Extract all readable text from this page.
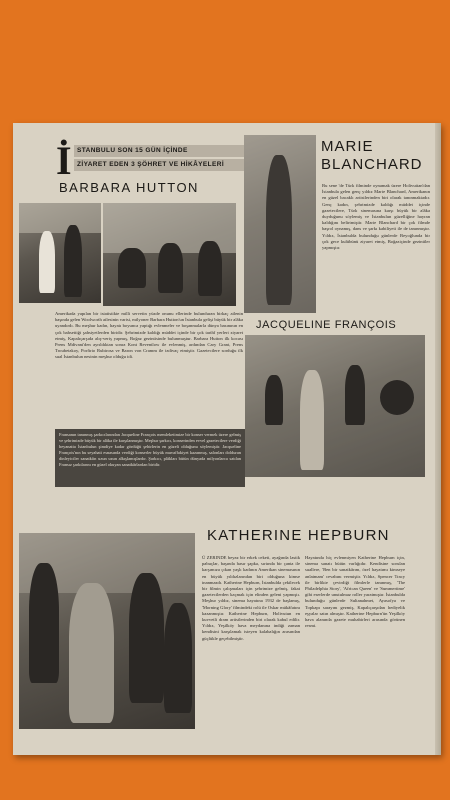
İ STANBULU SON 15 GÜN İÇİNDE
ZİYARET EDEN 3 ŞÖHRET VE HİKÂYELERİ
BARBARA HUTTON
Amerikada yapılan bir istatistikte milli servetin yüzde onunu ellerinde bulunduran birkaç ailenin başında gelen Woolworth ailesinin varisi, milyoner Barbara Hutton'un İstanbula gelişi büyük bir alâka uyandırdı. Bu meşhur kadın, hayatı boyunca yaptığı evlenmeler ve boşanmalarla dünya basınının en çok bahsettiği şahsiyetlerden biridir. Şehrimizde kaldığı müddet içinde bir çok tarihî yerleri ziyaret etmiş, Kapalıçarşıda alış-veriş yapmış, Boğaz gezintisinde bulunmuştur. Barbara Hutton ilk kocası Prens Mdivani'den ayrıldıktan sonra Kont Reventlow ile evlenmiş, ardından Cary Grant, Prens Troubetzkoy, Porfirio Rubirosa ve Baron von Cramm ile izdivaç etmiştir. Gazetecilere sorduğu ilk sual İstanbulun nesinin meşhur olduğu idi.
MARIE
BLANCHARD
Bu sene 'de Türk filminde oynamak üzere Holivuttan'dan İstanbula gelen genç yıldız Marie Blanchard, Amerikanın en güzel bacaklı artistlerinden biri olarak tanınmaktadır. Genç kadın, şehrimizde kaldığı müddet içinde gazetecilere, Türk sinemasına karşı büyük bir alâka duyduğunu söylemiş ve İstanbulun güzelliğine hayran kaldığını belirtmiştir. Marie Blanchard bir çok filmde başrol oynamış, dans ve şarkı kabiliyeti ile de tanınmıştır. Yıldız, İstanbulda bulunduğu günlerde Beyoğlunda bir çok gece kulübünü ziyaret etmiş, Boğaziçinde gezintiler yapmıştır.
JACQUELINE FRANÇOIS
Fransanın tanınmış şarkıcılarından Jacqueline François memleketimize bir konser vermek üzere gelmiş ve şehrimizde büyük bir alâka ile karşılanmıştır. Meşhur şarkıcı, konserinden evvel gazetecilere verdiği beyanatta İstanbulun şimdiye kadar gördüğü şehirlerin en güzeli olduğunu söylemiştir. Jacqueline François'nın bu seyahati esnasında verdiği konserler büyük muvaffakiyet kazanmış, salonları dolduran dinleyiciler sanatkârı uzun uzun alkışlamışlardır. Şarkıcı, plâkları bütün dünyada milyonlarca satılan Fransız şarkılarını en güzel okuyan sanatkârlardan biridir.
KATHERINE HEPBURN
Ü ZERINDE beyaz bir erkek ceketi, ayağında lastik pabuçlar, başında hasır şapka, sırtında bir çanta ile karşımıza çıkan yaşlı kadının Amerikan sinemasının en büyük yıldızlarından biri olduğuna kimse inanmazdı. Katherine Hepburn, İstanbulda çekilecek bir filmin çalışmaları için şehrimize gelmiş, fakat gazetecilerden kaçmak için elinden geleni yapmıştı. Meşhur yıldız, sinema hayatına 1932 de başlamış, 'Morning Glory' filmindeki rolü ile Oskar mükâfatını kazanmıştır. Katherine Hepburn, Holivutun en kuvvetli dram artistlerinden biri olarak kabul edilir. Yıldız, Yeşilköy hava meydanına indiği zaman kendisini karşılamak isteyen kalabalığın arasından güçlükle geçebilmiştir.
Hayatında hiç evlenmiyen Katherine Hepburn için, sinema sanatı bütün varlığıdır. Kendisine sorulan suallere, 'Ben bir sanatkârım, özel hayatımı kimseye anlatmam' cevabını vermiştir. Yıldız, Spencer Tracy ile birlikte çevirdiği filmlerle tanınmış, 'The Philadelphia Story', 'African Queen' ve 'Summertime' gibi eserlerde unutulmaz roller yaratmıştır. İstanbulda bulunduğu günlerde Sultanahmet, Ayasofya ve Topkapı sarayını gezmiş, Kapalıçarşıdan hediyelik eşyalar satın almıştır. Katherine Hepburn'ün Yeşilköy hava alanında gazete muhabirleri arasında görünen resmi.
